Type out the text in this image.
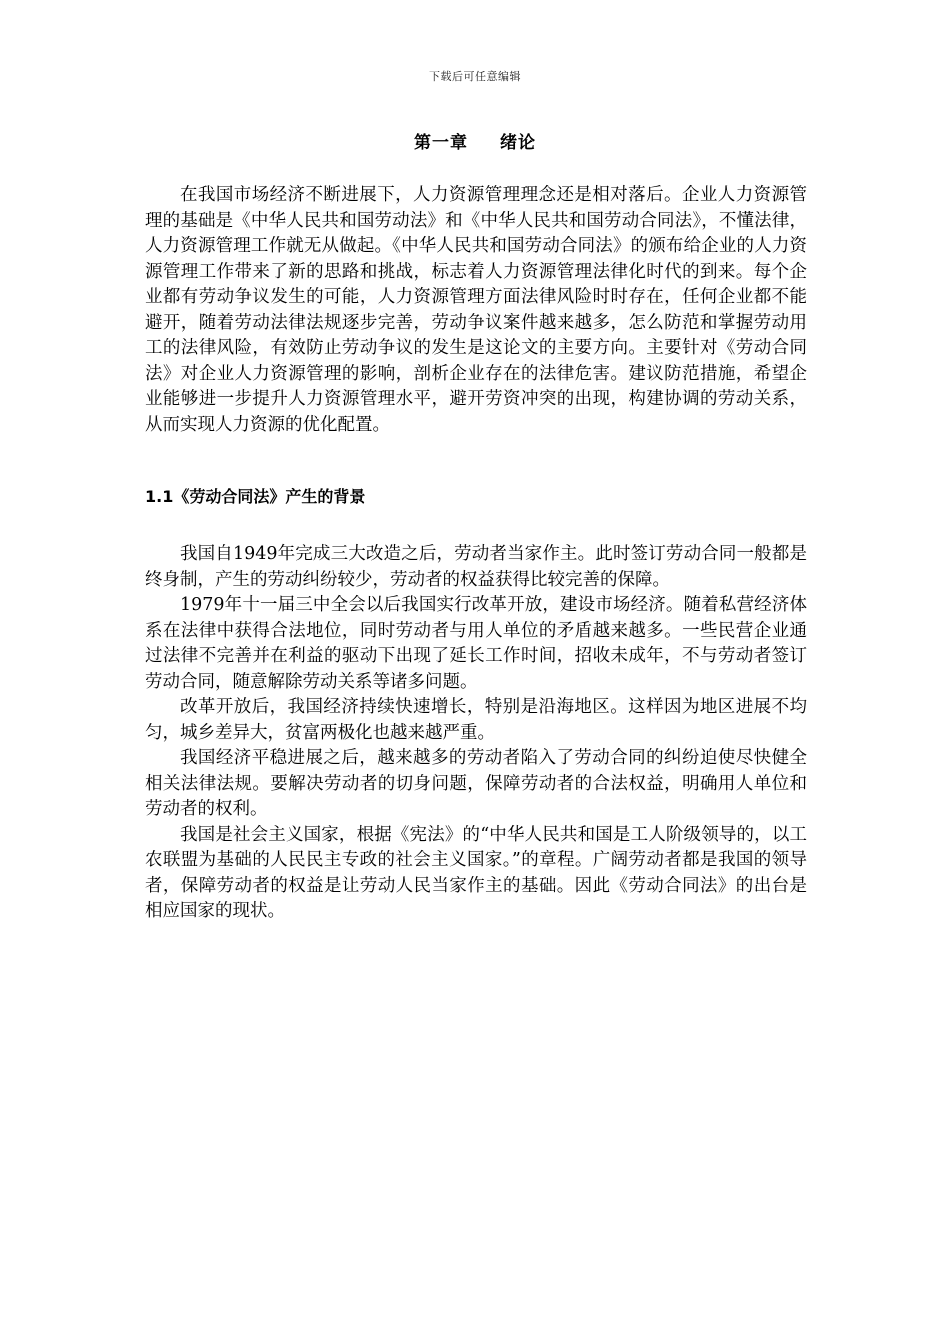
下载后可任意编辑
第一章 绪论

在我国市场经济不断进展下，人力资源管理理念还是相对落后。企业人力资源管理的基础是《中华人民共和国劳动法》和《中华人民共和国劳动合同法》，不懂法律，人力资源管理工作就无从做起。《中华人民共和国劳动合同法》的颁布给企业的人力资源管理工作带来了新的思路和挑战，标志着人力资源管理法律化时代的到来。每个企业都有劳动争议发生的可能，人力资源管理方面法律风险时时存在，任何企业都不能避开，随着劳动法律法规逐步完善，劳动争议案件越来越多，怎么防范和掌握劳动用工的法律风险，有效防止劳动争议的发生是这论文的主要方向。主要针对《劳动合同法》对企业人力资源管理的影响，剖析企业存在的法律危害。建议防范措施，希望企业能够进一步提升人力资源管理水平，避开劳资冲突的出现，构建协调的劳动关系，从而实现人力资源的优化配置。

1.1《劳动合同法》产生的背景

我国自1949年完成三大改造之后，劳动者当家作主。此时签订劳动合同一般都是终身制，产生的劳动纠纷较少，劳动者的权益获得比较完善的保障。

1979年十一届三中全会以后我国实行改革开放，建设市场经济。随着私营经济体系在法律中获得合法地位，同时劳动者与用人单位的矛盾越来越多。一些民营企业通过法律不完善并在利益的驱动下出现了延长工作时间，招收未成年，不与劳动者签订劳动合同，随意解除劳动关系等诸多问题。

改革开放后，我国经济持续快速增长，特别是沿海地区。这样因为地区进展不均匀，城乡差异大，贫富两极化也越来越严重。

我国经济平稳进展之后，越来越多的劳动者陷入了劳动合同的纠纷迫使尽快健全相关法律法规。要解决劳动者的切身问题，保障劳动者的合法权益，明确用人单位和劳动者的权利。

我国是社会主义国家，根据《宪法》的“中华人民共和国是工人阶级领导的，以工农联盟为基础的人民民主专政的社会主义国家。”的章程。广阔劳动者都是我国的领导者，保障劳动者的权益是让劳动人民当家作主的基础。因此《劳动合同法》的出台是相应国家的现状。
